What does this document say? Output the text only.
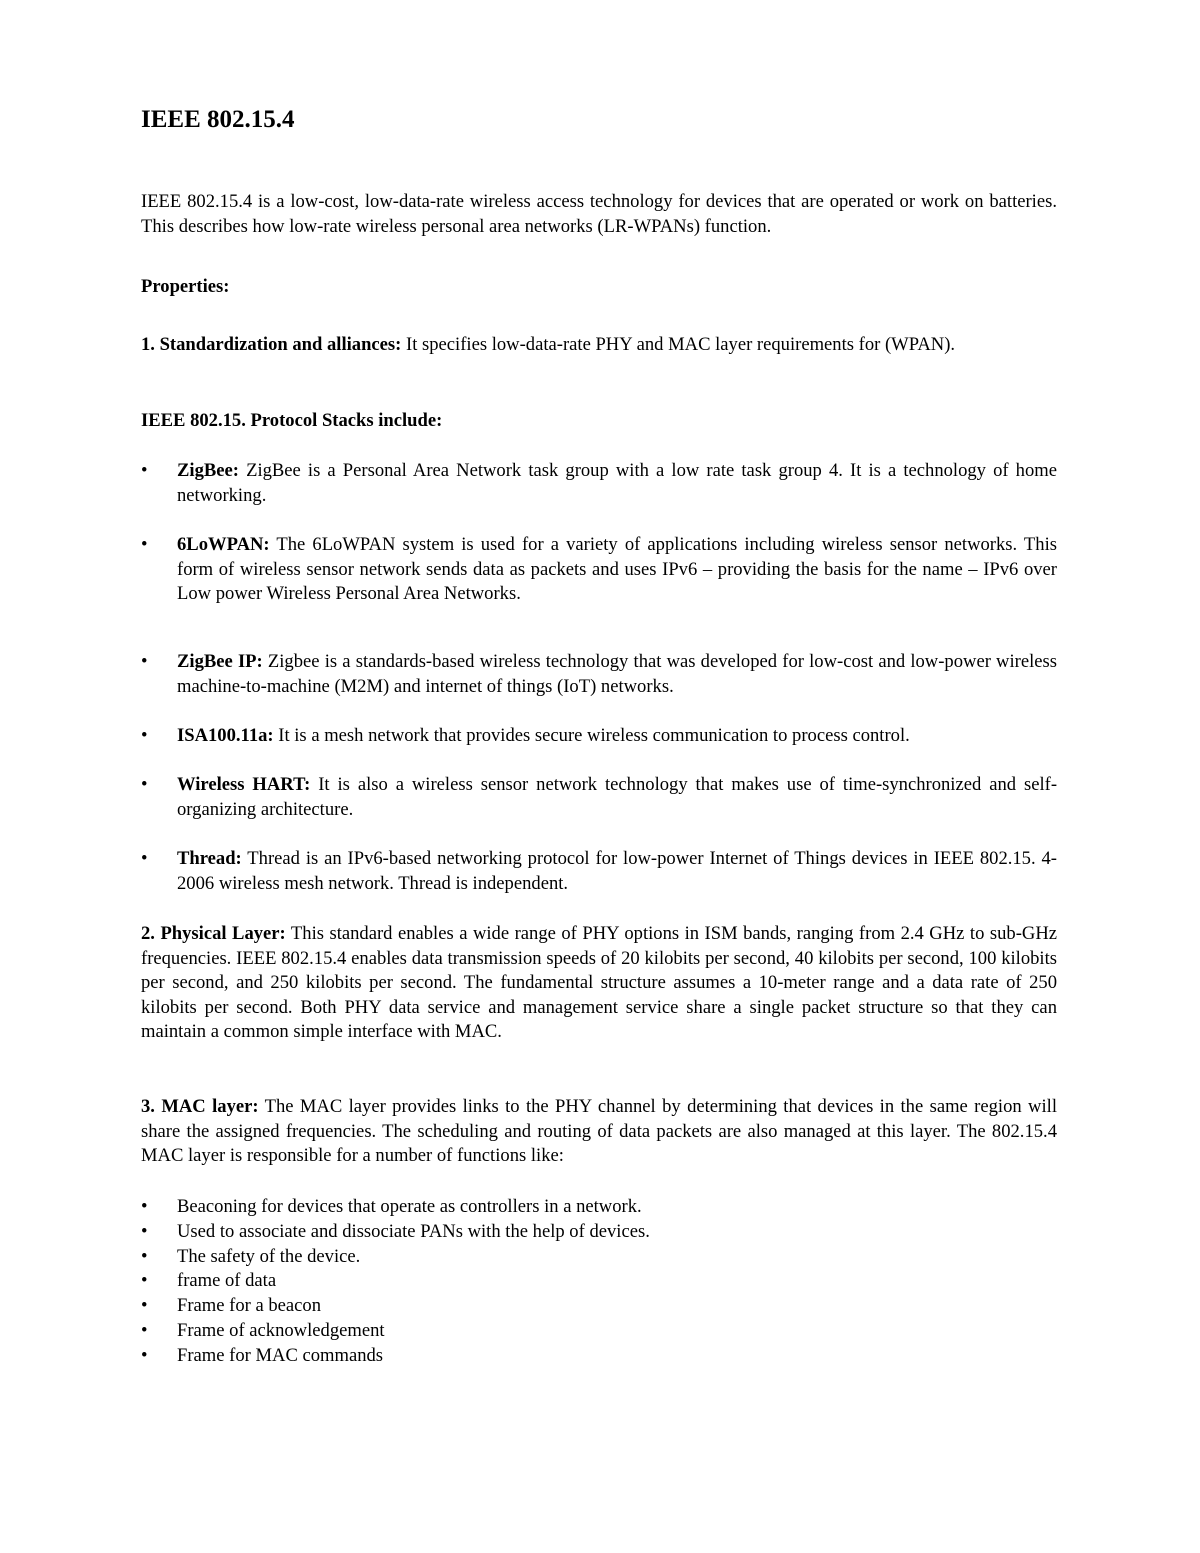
IEEE 802.15.4

IEEE 802.15.4 is a low-cost, low-data-rate wireless access technology for devices that are operated or work on batteries. This describes how low-rate wireless personal area networks (LR-WPANs) function.

Properties:

1. Standardization and alliances: It specifies low-data-rate PHY and MAC layer requirements for (WPAN).

IEEE 802.15. Protocol Stacks include:

•	ZigBee: ZigBee is a Personal Area Network task group with a low rate task group 4. It is a technology of home networking.
•	6LoWPAN: The 6LoWPAN system is used for a variety of applications including wireless sensor networks. This form of wireless sensor network sends data as packets and uses IPv6 – providing the basis for the name – IPv6 over Low power Wireless Personal Area Networks.
•	ZigBee IP: Zigbee is a standards-based wireless technology that was developed for low-cost and low-power wireless machine-to-machine (M2M) and internet of things (IoT) networks.
•	ISA100.11a: It is a mesh network that provides secure wireless communication to process control.
•	Wireless HART: It is also a wireless sensor network technology that makes use of time-synchronized and self-organizing architecture.
•	Thread: Thread is an IPv6-based networking protocol for low-power Internet of Things devices in IEEE 802.15. 4-2006 wireless mesh network. Thread is independent.

2. Physical Layer: This standard enables a wide range of PHY options in ISM bands, ranging from 2.4 GHz to sub-GHz frequencies. IEEE 802.15.4 enables data transmission speeds of 20 kilobits per second, 40 kilobits per second, 100 kilobits per second, and 250 kilobits per second. The fundamental structure assumes a 10-meter range and a data rate of 250 kilobits per second. Both PHY data service and management service share a single packet structure so that they can maintain a common simple interface with MAC.

3. MAC layer: The MAC layer provides links to the PHY channel by determining that devices in the same region will share the assigned frequencies. The scheduling and routing of data packets are also managed at this layer. The 802.15.4 MAC layer is responsible for a number of functions like:

• Beaconing for devices that operate as controllers in a network.
• Used to associate and dissociate PANs with the help of devices.
• The safety of the device.
• frame of data
• Frame for a beacon
• Frame of acknowledgement
• Frame for MAC commands
